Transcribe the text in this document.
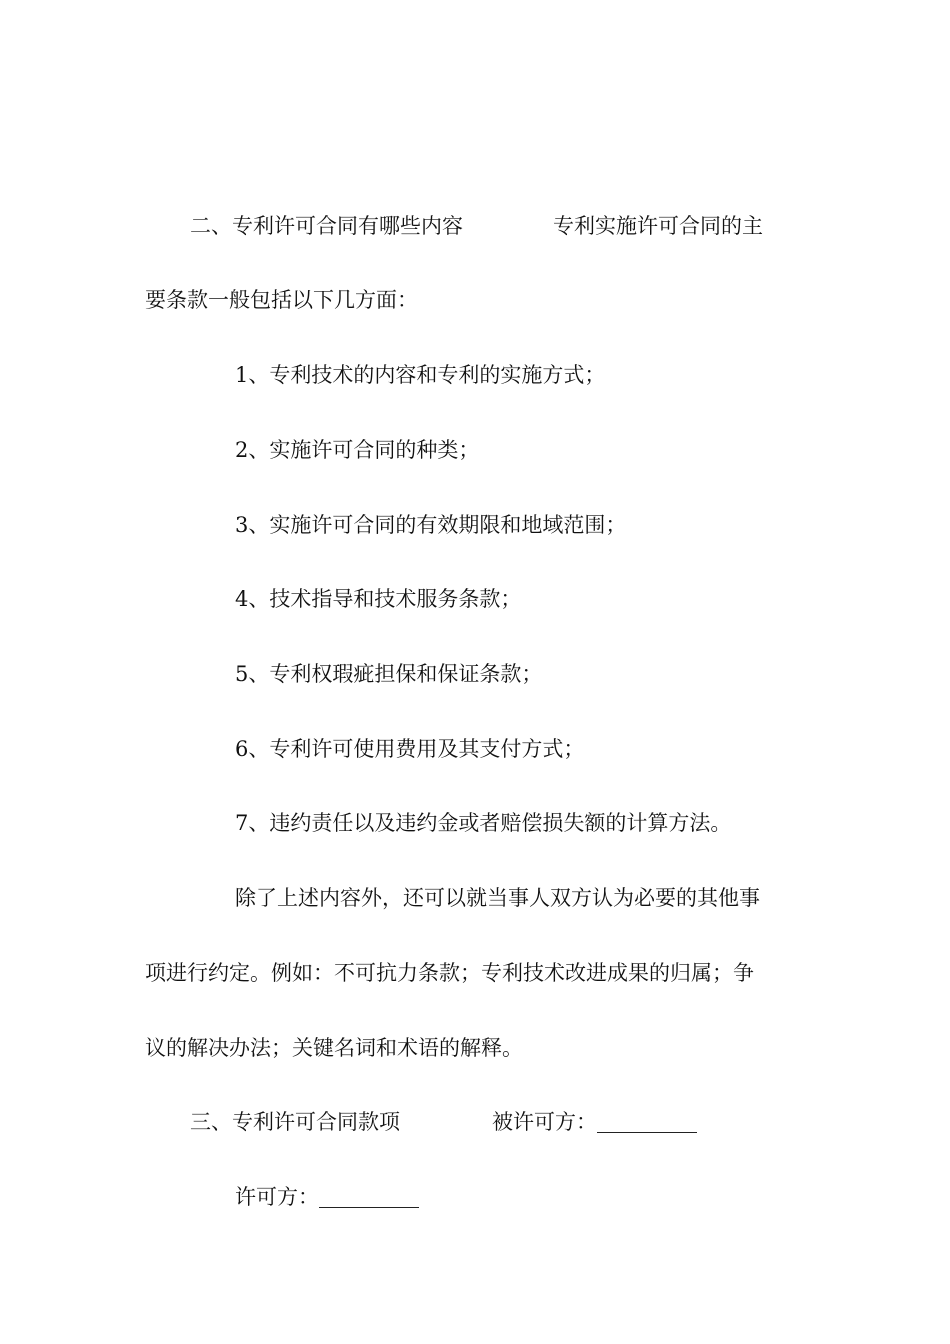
二、专利许可合同有哪些内容	专利实施许可合同的主
要条款一般包括以下几方面：
1、专利技术的内容和专利的实施方式；
2、实施许可合同的种类；
3、实施许可合同的有效期限和地域范围；
4、技术指导和技术服务条款；
5、专利权瑕疵担保和保证条款；
6、专利许可使用费用及其支付方式；
7、违约责任以及违约金或者赔偿损失额的计算方法。
除了上述内容外，还可以就当事人双方认为必要的其他事
项进行约定。例如：不可抗力条款；专利技术改进成果的归属；争
议的解决办法；关键名词和术语的解释。
三、专利许可合同款项	被许可方：
许可方：
